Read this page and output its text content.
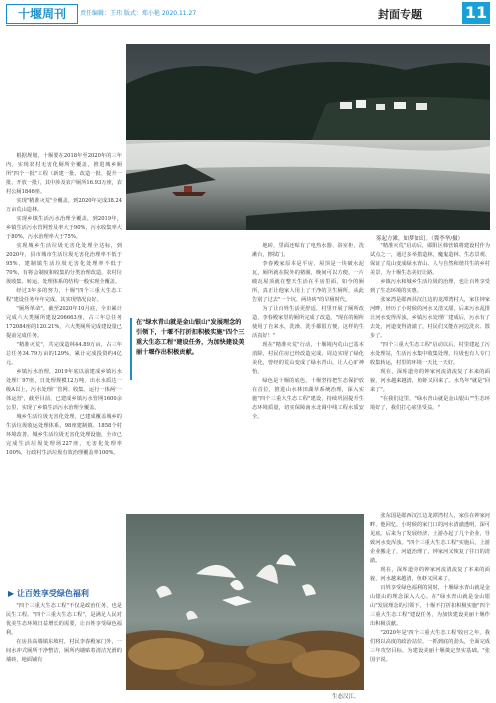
十堰周刊	责任编辑：王玮 版式：郑小艳 2020.11.27	封面专题	11
雾起方滩，如梦如幻。（冀李华/摄）

根据规划，十堰要在2018年至2020年的三年内，实现农村无害化厕所全覆盖，推进城乡厕所"四个一批"工程（新建一批、改造一批、提升一批、开放一批），其中涉及农户厕所16.93万座，农村公厕1846座。

实现"精准灭荒"全覆盖，到2020年完成38.24万亩荒山造林。

实现乡镇生活污水治理全覆盖，到2019年，乡镇生活污水管网普及率大于90%，污水收集率大于80%，污水治理率大于75%。

实现城乡生活垃圾无害化处理全达标，到2020年，县市城市生活垃圾无害化治理率不低于95%，建制镇生活垃圾无害化处理率不低于70%，有将会制度和收集的分类治理改造，农村垃圾收集、转运、处理体系的结构一般实现全覆盖。

经过3年多的努力，十堰"四个三重大生态工程"建设任务年年完成，其实现情况良好。

"厕所革命"，截至2020年10月底，全市累计完成六大类厕所建设206663座，占三年总任务172084座的120.21%，六大类厕所完成建设量已提前完成任务。

"精准灭荒"，共完成造林44.89万亩，占三年总任务34.79万亩的129%，累计完成投资约4亿元。

乡镇污水治理，2019年底以前建成乡镇污水处理厂97座，日处理规模12万吨，出水水质达一级A以上，污水处理厂管网、收集、运行一体两'一体运营'，截至目前，已建成乡镇污水管网1600余公里，实现了乡镇生活污水治理全覆盖。

城乡生活垃圾无害化处理，已建成覆盖城乡的生活垃圾收运处理体系，98座建制镇、1858个村环境改善，城乡生活垃圾无害化处理设施，全市已完成生活垃圾处理场227座，无害化处理率100%，行政村生活垃圾有效治理覆盖率100%。

▶ 让百姓享受绿色福利

"四个三重大生态工程"不仅是政治任务，也是民生工程。"四个三重大生态工程"，是满足人民对优美生态环境日益增长的需要，让百姓享受绿色福利。

在房县高墙镇东坡村，村民李春殿家门外，一间水冲式厕所干净整洁，厕所内墙贴着清洁光滑的墙砖，地面铺有

在"绿水青山就是金山银山"发展理念的引领下，十堰不打折扣积极实施"四个三重大生态工程"建设任务，为加快建设美丽十堰作出积极贡献。

地砖，里面还贴有了电热水器、浴室柜，洗漱台，擦拭门。

李春殿家原本是平房，屋顶是一块破水泥瓦，厕所就在院外的猪圈，晚间可以方便。一片破瓦屋顶就在整天生活在平房里面，如今的厕所，真正让他家人用上了干净的卫生厕所，从此告别了过去"一个坑、两块砖"的旱厕时代。

为了让百姓生活更舒适，村里开展了厕所改造，李春殿家里的厕所完成了改造。"现在的厕所使用了自来水，洗澡、洗手都很方便，这样的生活真好！"

现在"精准灭荒"行动，十堰境内荒山已基本消除，村民住房已经改造完成，周边实现了绿化美化，曾经的荒山变成了绿水青山，让人心旷神怡。

绿色是十堰的底色，十堰坚持把生态保护放在首位，推进山水林田湖草系统治理，深入实施"四个三重大生态工程"建设，持续巩固提升生态环境质量，切实保障南水北调中线工程水质安全。

"精准灭荒"启动后，郧阳区韩营镇将建设村作为试点之一，通过多举措造林，魔鬼造林、生态景观、保证了荒山变成绿水青山、人与自然和谐共生的乡村美景，为十堰生态美好让路。

乡镇污水和城乡生活垃圾的治理，也让百姓享受到了生态环境的实惠。

张家湾是郧西县汉江边的龙潭湾村人，家住钟家河畔，经历了小时候的河水又清又甜，后来污水乱排让河水变得浑浊。乡镇污水处理厂建成后，污水有了去处，河道变得清澈了，村民们又能在河边洗衣、散步了。

"四个三重大生态工程"启动以后，村里建起了污水处理站，生活污水集中收集处理，垃圾也有人专门收集转运，村里的环境一天比一天好。

现在，深库道旁的钟家河流清流复了本来的面貌，河水越来越清，鱼虾又回来了。水鸟年"就是"回来了"。

"在我们这里，"绿水青山就是金山银山""生态环境好了，我们打心底里受益。"

张东国是郧西汉江边龙潭湾村人，家住在钟家河畔，他回忆，小时候的家门口的河水清澈透明，深可见底。后来为了发展经济，上游办起了几个企业，导致河水变浑浊。"四个三重大生态工程"实施后，上游企业搬走了，河道治理了，钟家河又恢复了往日的清澈。

现在，深库道旁的钟家河流清流复了本来的面貌，河水越来越清，鱼虾又回来了。

百姓享受绿色福利的同时，十堰绿水青山就是金山银山的理念深入人心。在"绿水青山就是金山银山"发展理念的引领下，十堰不打折扣积极实施"四个三重大生态工程"建设任务，为加快建设美丽十堰作出积极贡献。

"2020年是'四个三重大生态工程'收官之年。我们将以高度的政治站位、一抓到底的劲头，全面完成三年攻坚目标，为建设美丽十堰奠定坚实基础。"张国宇说。

生态汉江。
